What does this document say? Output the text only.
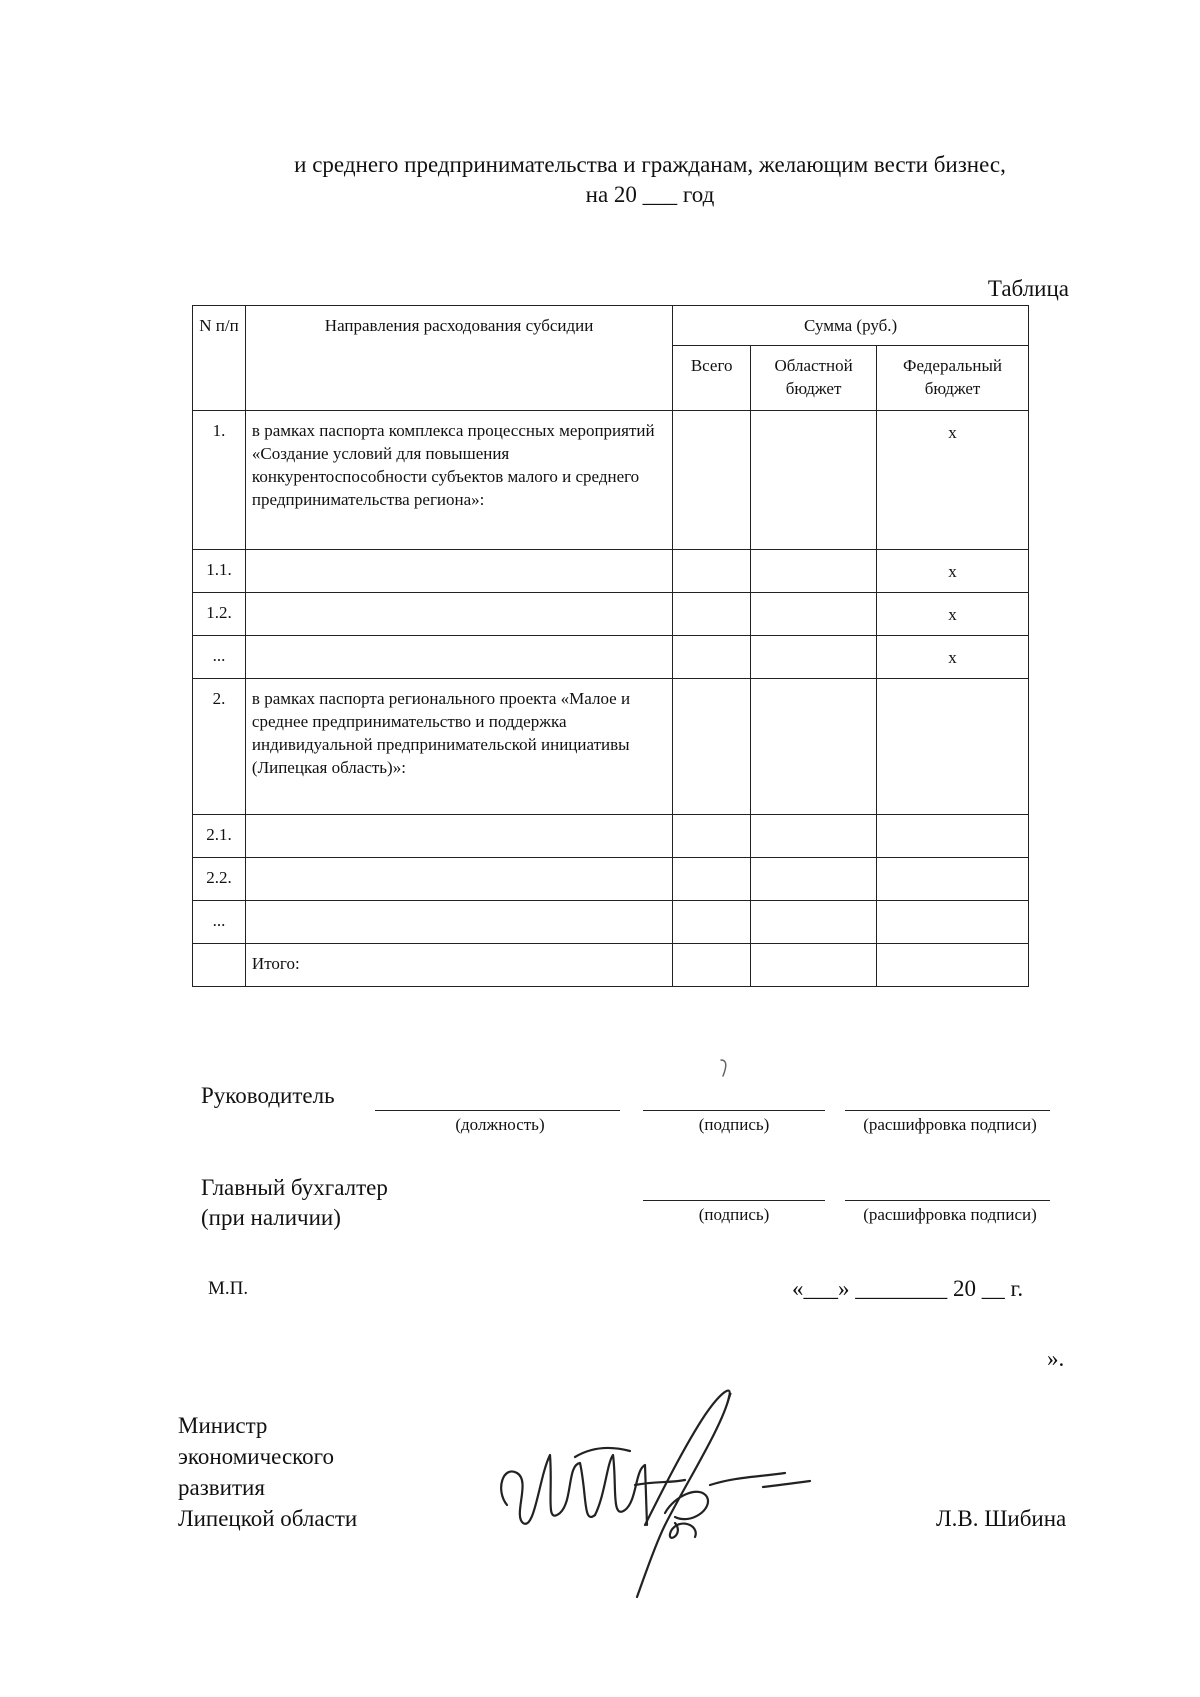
и среднего предпринимательства и гражданам, желающим вести бизнес,
на 20 ___ год
Таблица
N п/п	Направления расходования субсидии	Сумма (руб.)		
		Всего	Областной бюджет	Федеральный бюджет
1.	в рамках паспорта комплекса процессных мероприятий «Создание условий для повышения конкурентоспособности субъектов малого и среднего предпринимательства региона»:			х
1.1.				х
1.2.				х
...				х
2.	в рамках паспорта регионального проекта «Малое и среднее предпринимательство и поддержка индивидуальной предпринимательской инициативы (Липецкая область)»:			
2.1.				
2.2.				
...				
	Итого:			
Руководитель
(должность)	(подпись)	(расшифровка подписи)
Главный бухгалтер
(при наличии)	(подпись)	(расшифровка подписи)
М.П.	«___» ________ 20 __ г.
».
Министр
экономического
развития
Липецкой области	Л.В. Шибина
